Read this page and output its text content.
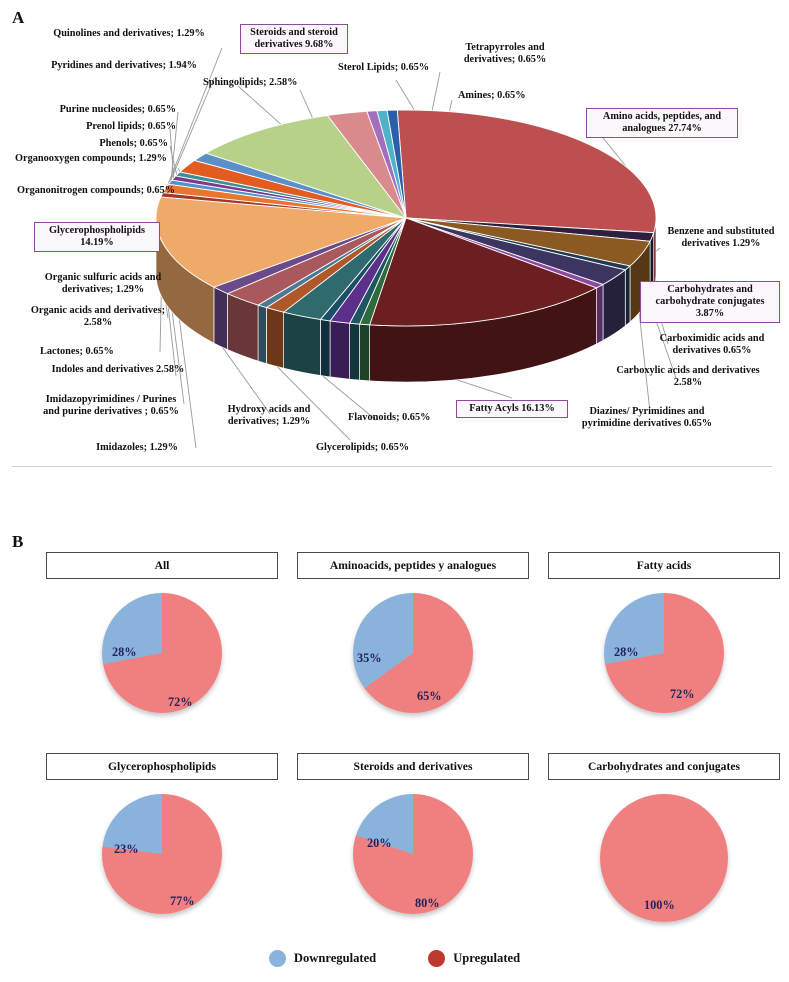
A
Quinolines and derivatives; 1.29%
Pyridines and derivatives; 1.94%
Purine nucleosides; 0.65%
Prenol lipids; 0.65%
Phenols; 0.65%
Organooxygen compounds; 1.29%
Organonitrogen compounds; 0.65%
Glycerophospholipids 14.19%
Organic sulfuric acids and derivatives; 1.29%
Organic acids and derivatives; 2.58%
Lactones; 0.65%
Indoles and derivatives 2.58%
Imidazopyrimidines / Purines and purine derivatives ; 0.65%
Imidazoles; 1.29%
Hydroxy acids and derivatives; 1.29%
Glycerolipids; 0.65%
Flavonoids; 0.65%
Fatty Acyls 16.13%	Diazines/ Pyrimidines and pyrimidine derivatives 0.65%
Carboxylic acids and derivatives 2.58%
Carboximidic acids and derivatives 0.65%
Carbohydrates and carbohydrate conjugates 3.87%
Benzene and substituted derivatives 1.29%
Amino acids, peptides, and analogues 27.74%
Amines; 0.65%
Tetrapyrroles and derivatives; 0.65%
Sterol Lipids; 0.65%
Sphingolipids; 2.58%
Steroids and steroid derivatives 9.68%
B
All
28%
72%
Aminoacids, peptides y analogues
35%
65%
Fatty acids
28%
72%
Glycerophospholipids
23%
77%
Steroids and derivatives
20%
80%
Carbohydrates and conjugates
100%
Downregulated	Upregulated
